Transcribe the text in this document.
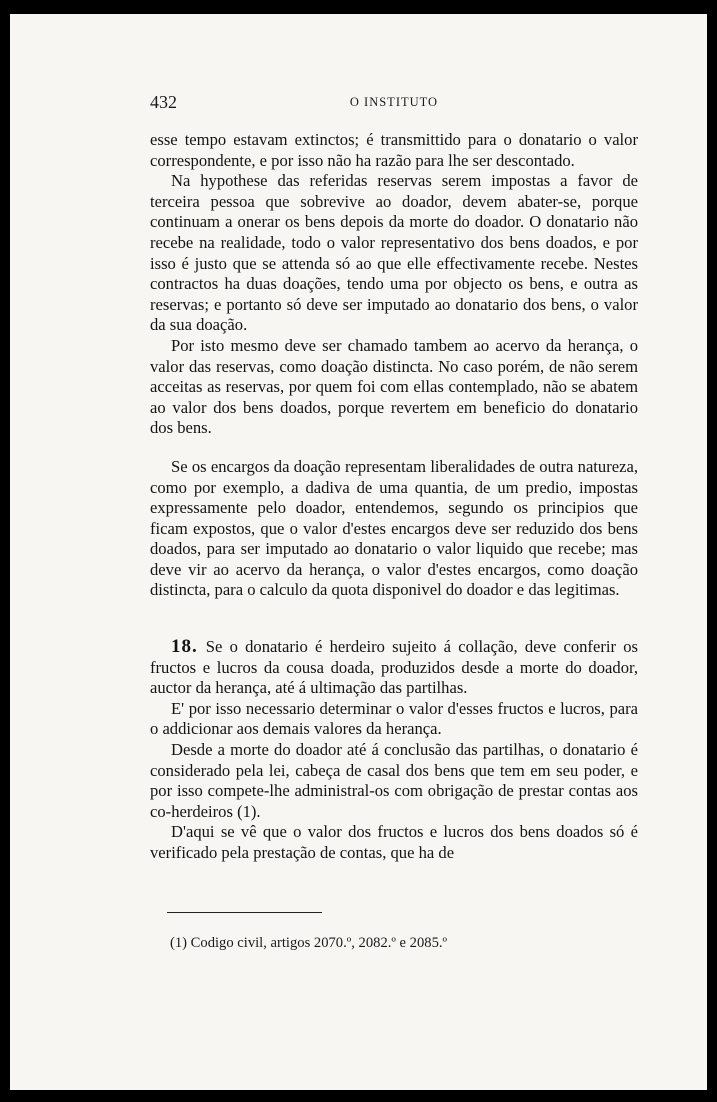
432	O INSTITUTO

esse tempo estavam extinctos; é transmittido para o donatario o valor correspondente, e por isso não ha razão para lhe ser descontado.

Na hypothese das referidas reservas serem impostas a favor de terceira pessoa que sobrevive ao doador, devem abater-se, porque continuam a onerar os bens depois da morte do doador. O donatario não recebe na realidade, todo o valor representativo dos bens doados, e por isso é justo que se attenda só ao que elle effectivamente recebe. Nestes contractos ha duas doações, tendo uma por objecto os bens, e outra as reservas; e portanto só deve ser imputado ao donatario dos bens, o valor da sua doação.

Por isto mesmo deve ser chamado tambem ao acervo da herança, o valor das reservas, como doação distincta. No caso porém, de não serem acceitas as reservas, por quem foi com ellas contemplado, não se abatem ao valor dos bens doados, porque revertem em beneficio do donatario dos bens.

Se os encargos da doação representam liberalidades de outra natureza, como por exemplo, a dadiva de uma quantia, de um predio, impostas expressamente pelo doador, entendemos, segundo os principios que ficam expostos, que o valor d'estes encargos deve ser reduzido dos bens doados, para ser imputado ao donatario o valor liquido que recebe; mas deve vir ao acervo da herança, o valor d'estes encargos, como doação distincta, para o calculo da quota disponivel do doador e das legitimas.

18. Se o donatario é herdeiro sujeito á collação, deve conferir os fructos e lucros da cousa doada, produzidos desde a morte do doador, auctor da herança, até á ultimação das partilhas.

E' por isso necessario determinar o valor d'esses fructos e lucros, para o addicionar aos demais valores da herança.

Desde a morte do doador até á conclusão das partilhas, o donatario é considerado pela lei, cabeça de casal dos bens que tem em seu poder, e por isso compete-lhe administral-os com obrigação de prestar contas aos co-herdeiros (1).

D'aqui se vê que o valor dos fructos e lucros dos bens doados só é verificado pela prestação de contas, que ha de

(1) Codigo civil, artigos 2070.º, 2082.º e 2085.º
